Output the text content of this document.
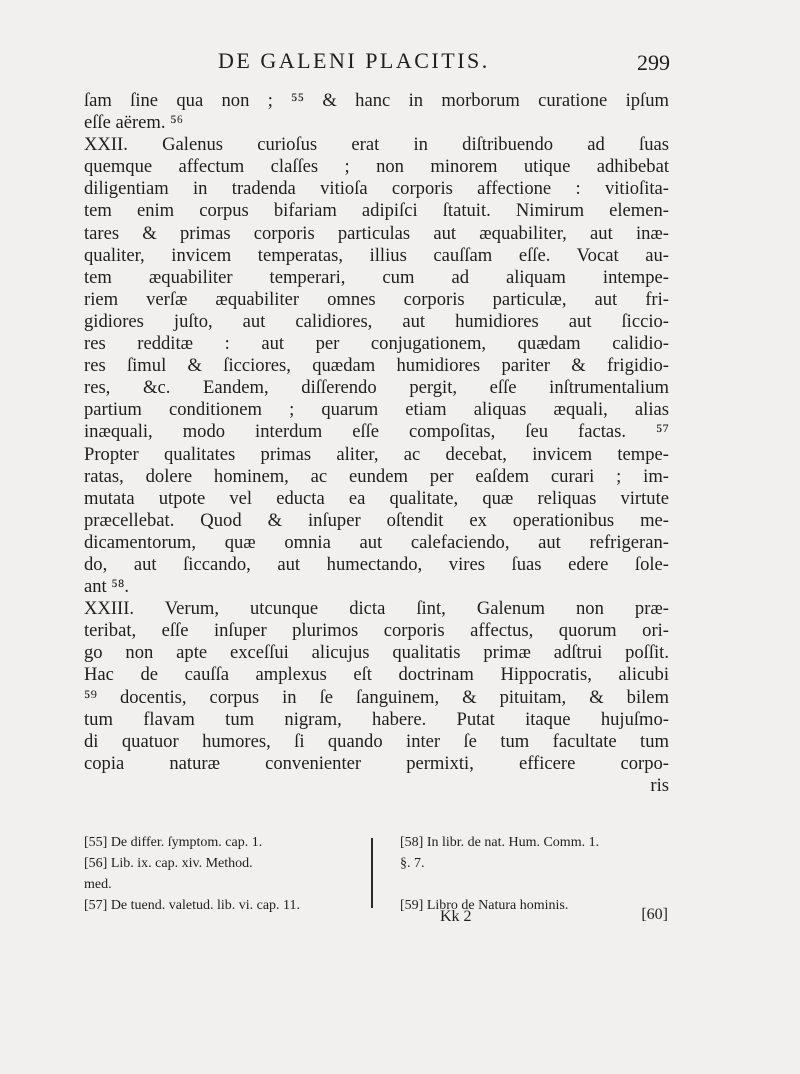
DE GALENI PLACITIS.	299
ſam ſine qua non ; ⁵⁵ & hanc in morborum curatione ipſum
eſſe aërem. ⁵⁶
XXII. Galenus curioſus erat in diſtribuendo ad ſuas
quemque affectum claſſes ; non minorem utique adhibebat
diligentiam in tradenda vitioſa corporis affectione : vitioſita-
tem enim corpus bifariam adipiſci ſtatuit. Nimirum elemen-
tares & primas corporis particulas aut æquabiliter, aut inæ-
qualiter, invicem temperatas, illius cauſſam eſſe. Vocat au-
tem æquabiliter temperari, cum ad aliquam intempe-
riem verſæ æquabiliter omnes corporis particulæ, aut fri-
gidiores juſto, aut calidiores, aut humidiores aut ſiccio-
res redditæ : aut per conjugationem, quædam calidio-
res ſimul & ſicciores, quædam humidiores pariter & frigidio-
res, &c. Eandem, diſſerendo pergit, eſſe inſtrumentalium
partium conditionem ; quarum etiam aliquas æquali, alias
inæquali, modo interdum eſſe compoſitas, ſeu factas. ⁵⁷
Propter qualitates primas aliter, ac decebat, invicem tempe-
ratas, dolere hominem, ac eundem per eaſdem curari ; im-
mutata utpote vel educta ea qualitate, quæ reliquas virtute
præcellebat. Quod & inſuper oſtendit ex operationibus me-
dicamentorum, quæ omnia aut calefaciendo, aut refrigeran-
do, aut ſiccando, aut humectando, vires ſuas edere ſole-
ant ⁵⁸.
XXIII. Verum, utcunque dicta ſint, Galenum non præ-
teribat, eſſe inſuper plurimos corporis affectus, quorum ori-
go non apte exceſſui alicujus qualitatis primæ adſtrui poſſit.
Hac de cauſſa amplexus eſt doctrinam Hippocratis, alicubi
⁵⁹ docentis, corpus in ſe ſanguinem, & pituitam, & bilem
tum flavam tum nigram, habere. Putat itaque hujuſmo-
di quatuor humores, ſi quando inter ſe tum facultate tum
copia naturæ convenienter permixti, efficere corpo-
ris
[55] De differ. ſymptom. cap. 1.
[56] Lib. ix. cap. xiv. Method.
med.
[57] De tuend. valetud. lib. vi. cap. 11.
[58] In libr. de nat. Hum. Comm. 1.
§. 7.

[59] Libro de Natura hominis.
Kk 2	[60]
